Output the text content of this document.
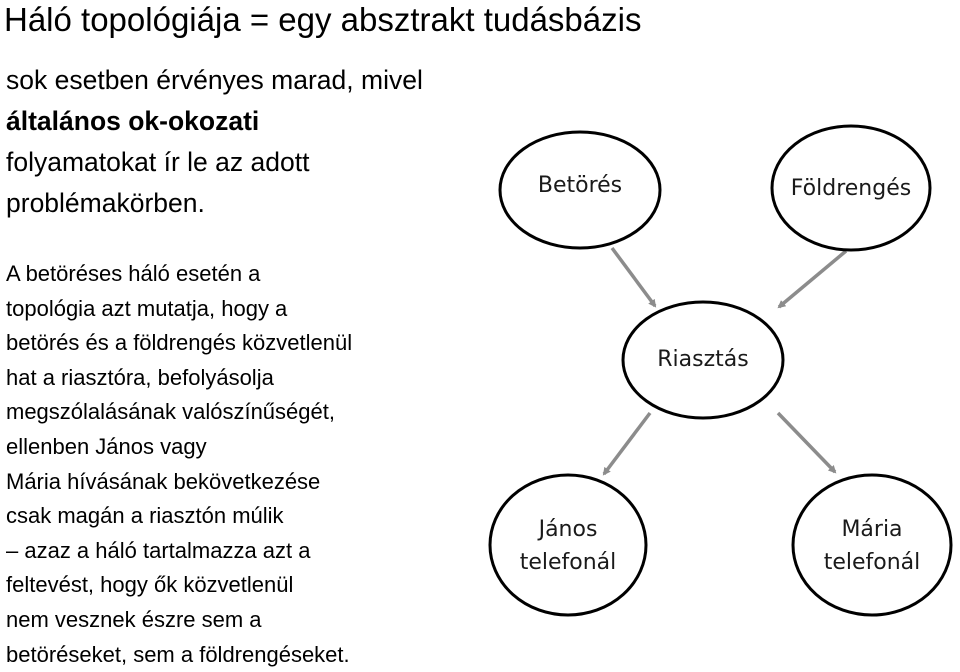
Háló topológiája = egy absztrakt tudásbázis
sok esetben érvényes marad, mivel
általános ok-okozati
folyamatokat ír le az adott
problémakörben.
A betöréses háló esetén a
topológia azt mutatja, hogy a
betörés és a földrengés közvetlenül
hat a riasztóra, befolyásolja
megszólalásának valószínűségét,
ellenben János vagy
Mária hívásának bekövetkezése
csak magán a riasztón múlik
– azaz a háló tartalmazza azt a
feltevést, hogy ők közvetlenül
nem vesznek észre sem a
betöréseket, sem a földrengéseket.
Betörés	Földrengés
Riasztás
János
telefonál
Mária
telefonál
